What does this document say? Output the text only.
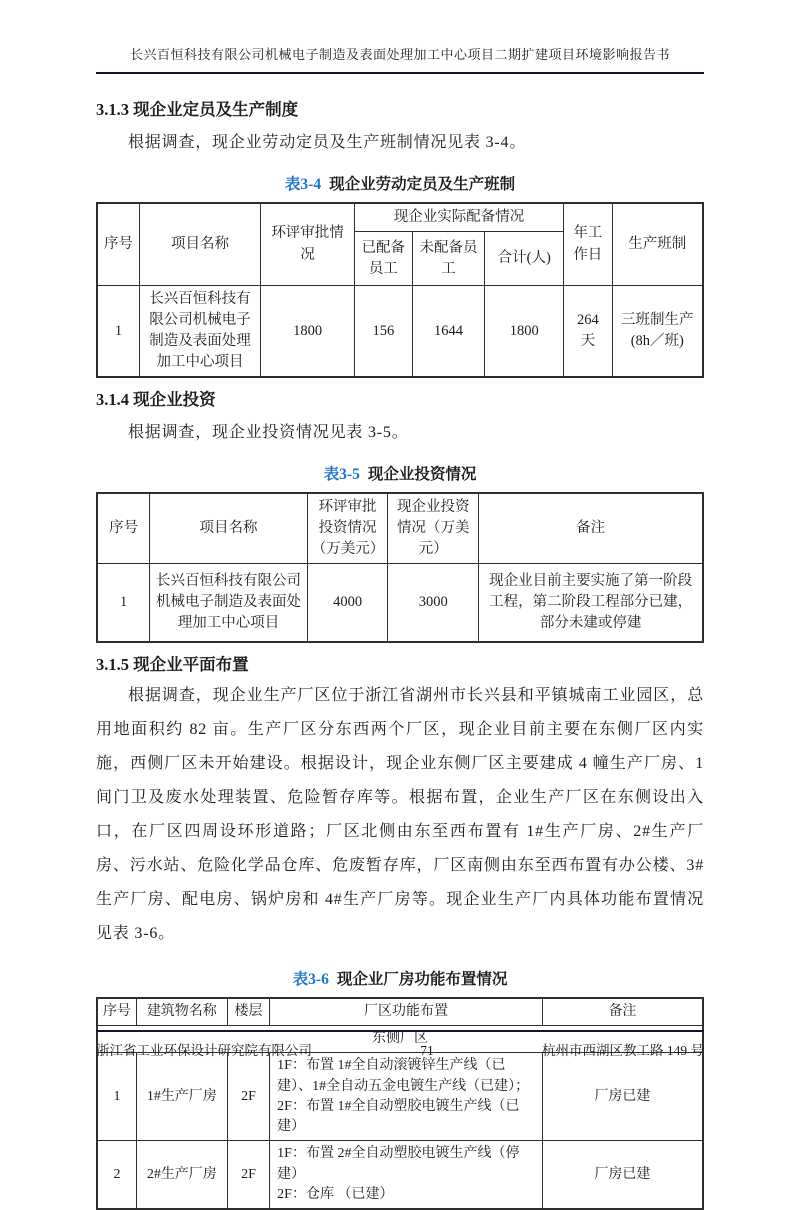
长兴百恒科技有限公司机械电子制造及表面处理加工中心项目二期扩建项目环境影响报告书
3.1.3 现企业定员及生产制度
根据调查，现企业劳动定员及生产班制情况见表 3-4。
表3-4 现企业劳动定员及生产班制
序号	项目名称	环评审批情况	现企业实际配备情况			年工作日	生产班制
			已配备员工	未配备员工	合计(人)		
1	长兴百恒科技有限公司机械电子制造及表面处理加工中心项目	1800	156	1644	1800	264 天	三班制生产(8h／班)
3.1.4 现企业投资
根据调查，现企业投资情况见表 3-5。
表3-5 现企业投资情况
序号	项目名称	环评审批投资情况（万美元）	现企业投资情况（万美元）	备注
1	长兴百恒科技有限公司机械电子制造及表面处理加工中心项目	4000	3000	现企业目前主要实施了第一阶段工程，第二阶段工程部分已建，部分未建或停建
3.1.5 现企业平面布置
根据调查，现企业生产厂区位于浙江省湖州市长兴县和平镇城南工业园区，总用地面积约 82 亩。生产厂区分东西两个厂区，现企业目前主要在东侧厂区内实施，西侧厂区未开始建设。根据设计，现企业东侧厂区主要建成 4 幢生产厂房、1 间门卫及废水处理装置、危险暂存库等。根据布置，企业生产厂区在东侧设出入口，在厂区四周设环形道路；厂区北侧由东至西布置有 1#生产厂房、2#生产厂房、污水站、危险化学品仓库、危废暂存库，厂区南侧由东至西布置有办公楼、3#生产厂房、配电房、锅炉房和 4#生产厂房等。现企业生产厂内具体功能布置情况见表 3-6。
表3-6 现企业厂房功能布置情况
序号	建筑物名称	楼层	厂区功能布置	备注
东侧厂区				
1	1#生产厂房	2F	1F：布置 1#全自动滚镀锌生产线（已建）、1#全自动五金电镀生产线（已建）；
2F：布置 1#全自动塑胶电镀生产线（已建）	厂房已建
2	2#生产厂房	2F	1F：布置 2#全自动塑胶电镀生产线（停建）
2F：仓库 （已建）	厂房已建
浙江省工业环保设计研究院有限公司	71	杭州市西湖区教工路 149 号
